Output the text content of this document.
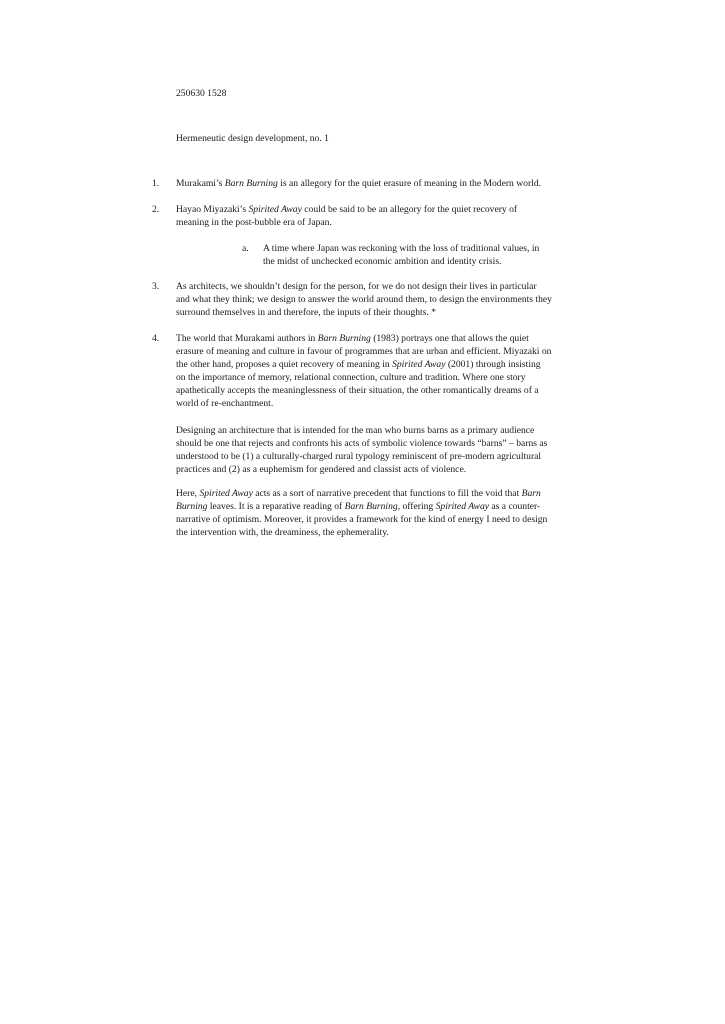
250630 1528
Hermeneutic design development, no. 1
1. Murakami’s Barn Burning is an allegory for the quiet erasure of meaning in the Modern world.

2. Hayao Miyazaki’s Spirited Away could be said to be an allegory for the quiet recovery of meaning in the post-bubble era of Japan.

a. A time where Japan was reckoning with the loss of traditional values, in the midst of unchecked economic ambition and identity crisis.

3. As architects, we shouldn’t design for the person, for we do not design their lives in particular and what they think; we design to answer the world around them, to design the environments they surround themselves in and therefore, the inputs of their thoughts. *

4. The world that Murakami authors in Barn Burning (1983) portrays one that allows the quiet erasure of meaning and culture in favour of programmes that are urban and efficient. Miyazaki on the other hand, proposes a quiet recovery of meaning in Spirited Away (2001) through insisting on the importance of memory, relational connection, culture and tradition. Where one story apathetically accepts the meaninglessness of their situation, the other romantically dreams of a world of re-enchantment.

Designing an architecture that is intended for the man who burns barns as a primary audience should be one that rejects and confronts his acts of symbolic violence towards “barns” – barns as understood to be (1) a culturally-charged rural typology reminiscent of pre-modern agricultural practices and (2) as a euphemism for gendered and classist acts of violence.

Here, Spirited Away acts as a sort of narrative precedent that functions to fill the void that Barn Burning leaves. It is a reparative reading of Barn Burning, offering Spirited Away as a counter-narrative of optimism. Moreover, it provides a framework for the kind of energy I need to design the intervention with, the dreaminess, the ephemerality.
